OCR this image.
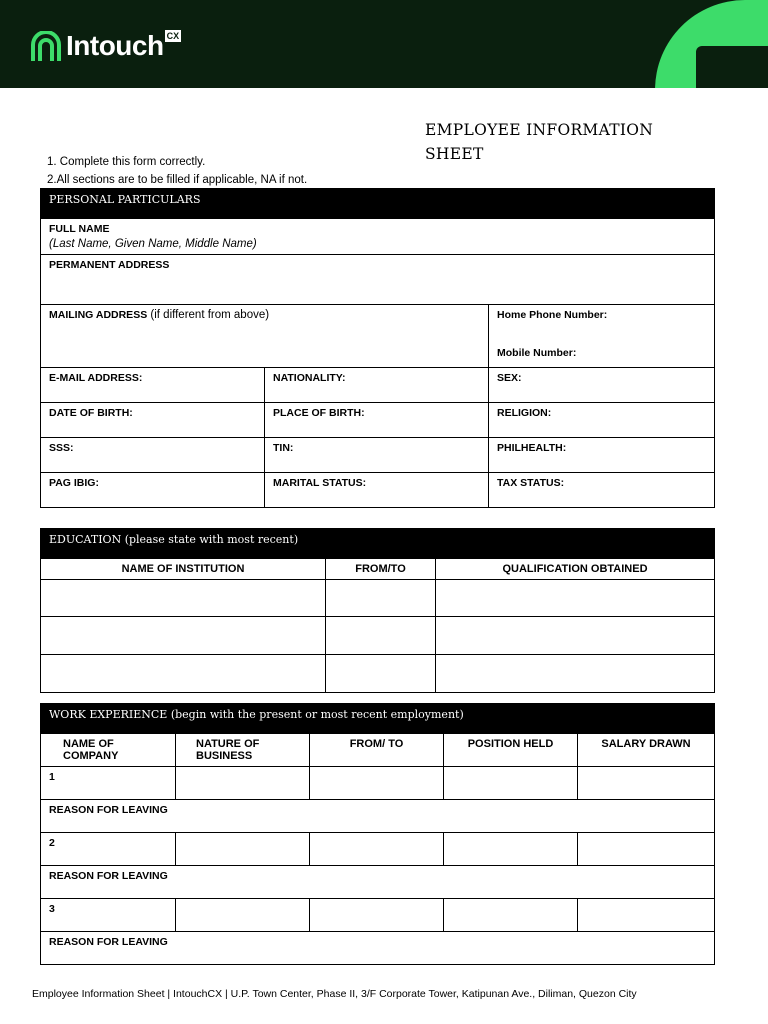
Intouch CX
EMPLOYEE INFORMATION SHEET
1. Complete this form correctly.
2.All sections are to be filled if applicable, NA if not.
PERSONAL PARTICULARS		

FULL NAME
(Last Name, Given Name, Middle Name)		

PERMANENT ADDRESS		

MAILING ADDRESS (if different from above)		Home Phone Number:
Mobile Number:

E-MAIL ADDRESS:	NATIONALITY:	SEX:

DATE OF BIRTH:	PLACE OF BIRTH:	RELIGION:

SSS:	TIN:	PHILHEALTH:

PAG IBIG:	MARITAL STATUS:	TAX STATUS:
EDUCATION (please state with most recent)		
NAME OF INSTITUTION	FROM/TO	QUALIFICATION OBTAINED

WORK EXPERIENCE (begin with the present or most recent employment)				
NAME OF COMPANY	NATURE OF BUSINESS	FROM/ TO	POSITION HELD	SALARY DRAWN

1				

REASON FOR LEAVING				

2				

REASON FOR LEAVING				

3				

REASON FOR LEAVING				
Employee Information Sheet | IntouchCX | U.P. Town Center, Phase II, 3/F Corporate Tower, Katipunan Ave., Diliman, Quezon City
